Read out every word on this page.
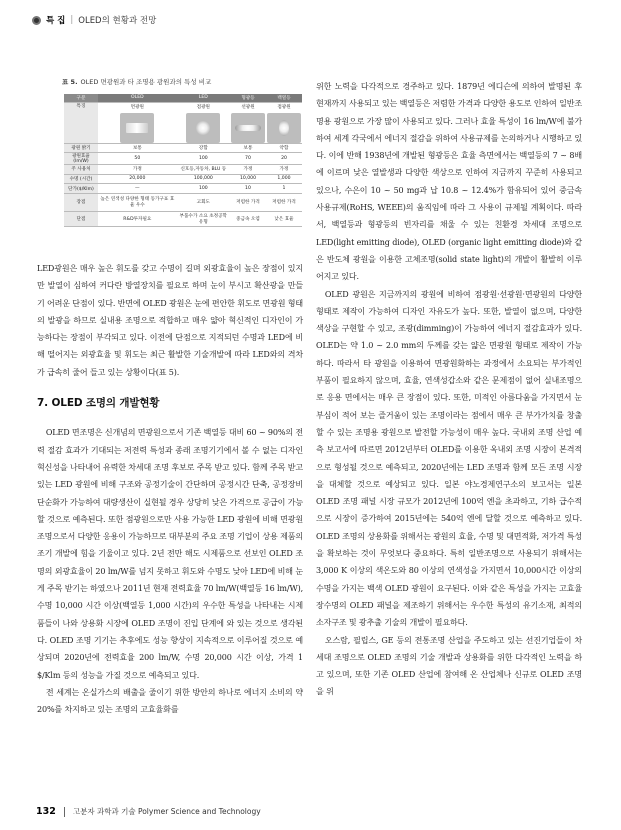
특 집 | OLED의 현황과 전망
표 5. OLED 면광원과 타 조명용 광원과의 특성 비교
구분	OLED	LED	형광등	백열등
특징	면광원	점광원	선광원	점광원

광원 밝기	보통	강함	보통	약함
광원효율 (lm/W)	50	100	70	20
주 사용처	가정	신호등,자동차, BLU 등	가정	가정
수명 (시간)	20,000	100,000	10,000	1,000
단가($/Klm)	—	100	10	1
장점	높은 연색성 다양한 형태 동가구표 효율 우수	고회도	저렴한 가격	저렴한 가격
단점	R&D투자필요	부품수가 소요 초정공학유형	중금속 오염	낮은 효율

LED광원은 매우 높은 휘도를 갖고 수명이 길며 외광효율이 높은 장점이 있지만 발열이 심하여 커다란 방열장치를 필요로 하며 눈이 부시고 확산광을 만들기 어려운 단점이 있다. 반면에 OLED 광원은 눈에 편안한 휘도로 면광원 형태의 발광을 하므로 실내용 조명으로 적합하고 매우 얇아 혁신적인 디자인이 가능하다는 장점이 부각되고 있다. 이전에 단점으로 지적되던 수명과 LED에 비해 떨어지는 외광효율 및 휘도는 최근 활발한 기술개발에 따라 LED와의 격차가 급속히 줄어 들고 있는 상황이다(표 5).

7. OLED 조명의 개발현황

OLED 면조명은 신개념의 면광원으로서 기존 백열등 대비 60 ~ 90%의 전력 절감 효과가 기대되는 저전력 특성과 종래 조명기기에서 볼 수 없는 디자인 혁신성을 나타내어 유력한 차세대 조명 후보로 주목 받고 있다. 함께 주목 받고 있는 LED 광원에 비해 구조와 공정기술이 간단하며 공정시간 단축, 공정장비 단순화가 가능하여 대량생산이 실현될 경우 상당히 낮은 가격으로 공급이 가능할 것으로 예측된다. 또한 점광원으로만 사용 가능한 LED 광원에 비해 면광원 조명으로서 다양한 응용이 가능하므로 대부분의 주요 조명 기업이 상용 제품의 조기 개발에 힘을 기울이고 있다. 2년 전만 해도 시제품으로 선보인 OLED 조명의 외광효율이 20 lm/W를 넘지 못하고 휘도와 수명도 낮아 LED에 비해 눈게 주목 받기는 하였으나 2011년 현재 전력효율 70 lm/W(백열등 16 lm/W), 수명 10,000 시간 이상(백열등 1,000 시간)의 우수한 특성을 나타내는 시제품들이 나와 상용화 시장에 OLED 조명이 진입 단계에 와 있는 것으로 생각된다. OLED 조명 기기는 추후에도 성능 향상이 지속적으로 이루어질 것으로 예상되며 2020년에 전력효율 200 lm/W, 수명 20,000 시간 이상, 가격 1 $/Klm 등의 성능을 가질 것으로 예측되고 있다.

전 세계는 온실가스의 배출을 줄이기 위한 방안의 하나로 에너지 소비의 약 20%를 차지하고 있는 조명의 고효율화를

위한 노력을 다각적으로 경주하고 있다. 1879년 에디슨에 의하여 발명된 후 현재까지 사용되고 있는 백열등은 저렴한 가격과 다양한 용도로 인하여 일반조명용 광원으로 가장 많이 사용되고 있다. 그러나 효율 특성이 16 lm/W에 불가하여 세계 각국에서 에너지 절감을 위하여 사용규제를 논의하거나 시행하고 있다. 이에 반해 1938년에 개발된 형광등은 효율 측면에서는 백열등의 7 ~ 8배에 이르며 낮은 열발생과 다양한 색상으로 인하여 지금까지 꾸준히 사용되고 있으나, 수은이 10 ~ 50 mg과 납 10.8 ~ 12.4%가 함유되어 있어 중금속 사용규제(RoHS, WEEE)의 움직임에 따라 그 사용이 규제될 계획이다. 따라서, 백열등과 형광등의 빈자리를 채울 수 있는 친환경 차세대 조명으로 LED(light emitting diode), OLED (organic light emitting diode)와 같은 반도체 광원을 이용한 고체조명(solid state light)의 개발이 활발히 이루어지고 있다.

OLED 광원은 지금까지의 광원에 비하여 점광원·선광원·면광원의 다양한 형태로 제작이 가능하여 디자인 자유도가 높다. 또한, 발열이 없으며, 다양한 색상을 구현할 수 있고, 조광(dimming)이 가능하여 에너지 절감효과가 있다. OLED는 약 1.0 ~ 2.0 mm의 두께를 갖는 얇은 면광원 형태로 제작이 가능하다. 따라서 타 광원을 이용하여 면광원화하는 과정에서 소요되는 부가적인 부품이 필요하지 않으며, 효율, 연색성갑소와 같은 문제점이 없어 실내조명으로 응용 면에서는 매우 큰 장점이 있다. 또한, 미적인 아름다움을 가지면서 눈부심이 적어 보는 즐거움이 있는 조명이라는 점에서 매우 큰 부가가치를 창출할 수 있는 조명용 광원으로 발전할 가능성이 매우 높다. 국내외 조명 산업 예측 보고서에 따르면 2012년부터 OLED를 이용한 옥내외 조명 시장이 본격적으로 형성될 것으로 예측되고, 2020년에는 LED 조명과 함께 모든 조명 시장을 대체할 것으로 예상되고 있다. 일본 야노경제연구소의 보고서는 일본 OLED 조명 패널 시장 규모가 2012년에 100억 엔을 초과하고, 기하 급수적으로 시장이 증가하여 2015년에는 540억 엔에 달할 것으로 예측하고 있다. OLED 조명의 상용화를 위해서는 광원의 효율, 수명 및 대면적화, 저가격 특성을 확보하는 것이 무엇보다 중요하다. 특히 일반조명으로 사용되기 위해서는 3,000 K 이상의 색온도와 80 이상의 연색성을 가지면서 10,000시간 이상의 수명을 가지는 백색 OLED 광원이 요구된다. 이와 같은 특성을 가지는 고효율 장수명의 OLED 패널을 제조하기 위해서는 우수한 특성의 유기소재, 최적의 소자구조 및 광추출 기술의 개발이 필요하다.

오스람, 필립스, GE 등의 전통조명 산업을 주도하고 있는 선진기업들이 차세대 조명으로 OLED 조명의 기술 개발과 상용화를 위한 다각적인 노력을 하고 있으며, 또한 기존 OLED 산업에 참여해 온 산업체나 신규로 OLED 조명을 위

132 고분자 과학과 기술 Polymer Science and Technology
